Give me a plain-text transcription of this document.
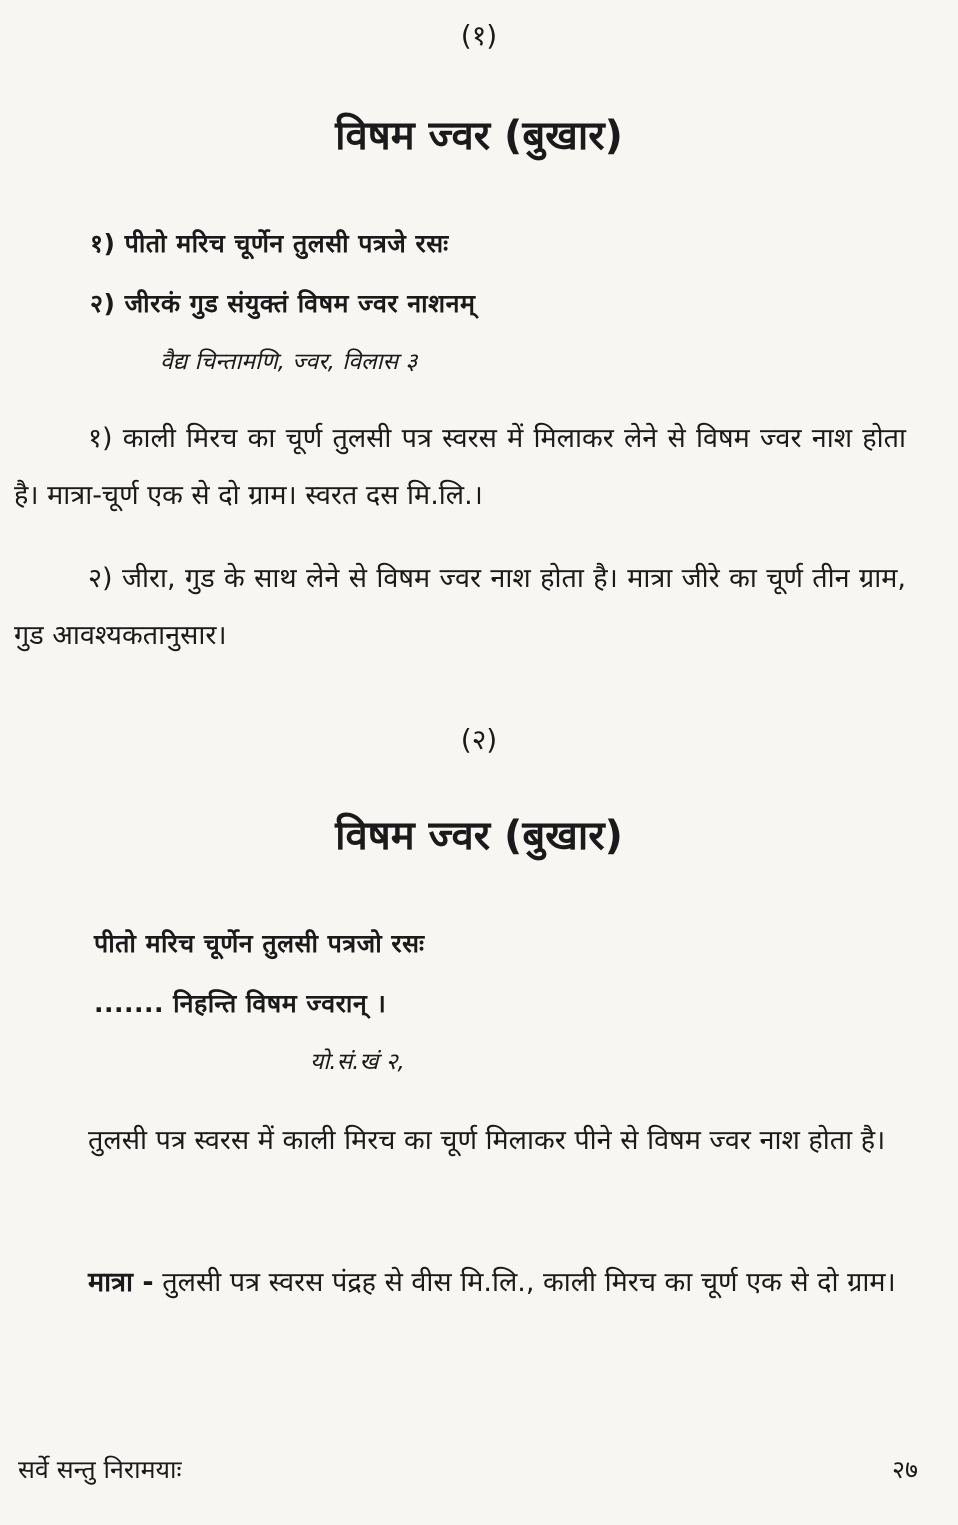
(१)
विषम ज्वर (बुखार)
१) पीतो मरिच चूर्णेन तुलसी पत्रजे रसः
२) जीरकं गुड संयुक्तं विषम ज्वर नाशनम्
वैद्य चिन्तामणि, ज्वर, विलास ३
१) काली मिरच का चूर्ण तुलसी पत्र स्वरस में मिलाकर लेने से विषम ज्वर नाश होता है। मात्रा-चूर्ण एक से दो ग्राम। स्वरत दस मि.लि.।
२) जीरा, गुड के साथ लेने से विषम ज्वर नाश होता है। मात्रा जीरे का चूर्ण तीन ग्राम, गुड आवश्यकतानुसार।
(२)
विषम ज्वर (बुखार)
पीतो मरिच चूर्णेन तुलसी पत्रजो रसः
....... निहन्ति विषम ज्वरान् ।
यो.सं.खं २,
तुलसी पत्र स्वरस में काली मिरच का चूर्ण मिलाकर पीने से विषम ज्वर नाश होता है।
मात्रा - तुलसी पत्र स्वरस पंद्रह से वीस मि.लि., काली मिरच का चूर्ण एक से दो ग्राम।
सर्वे सन्तु निरामयाः	२७
